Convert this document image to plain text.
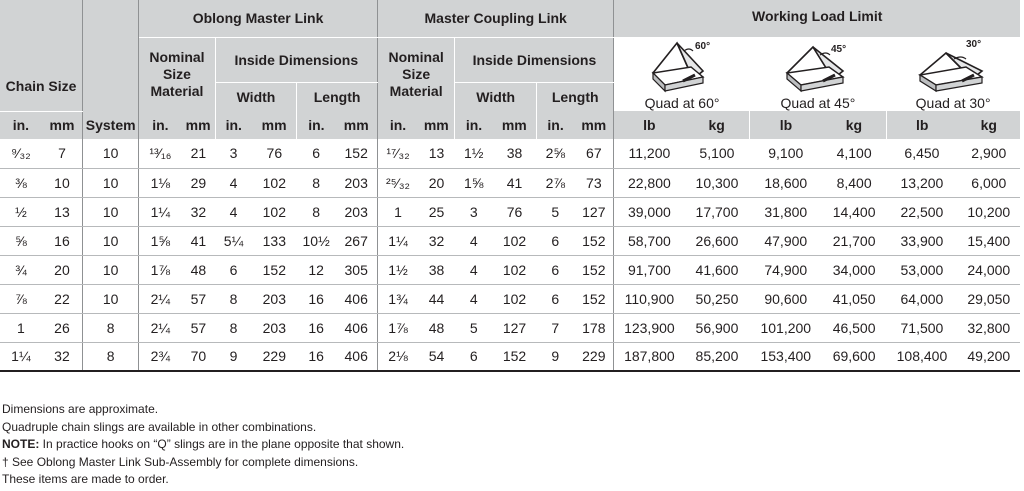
Chain Size		System	Oblong Master Link						Master Coupling Link						Working Load Limit					

60°
Quad at 60°		45°
Quad at 45°		30°
Quad at 30°	

			Nominal Size Material		Inside Dimensions				Nominal Size Material		Inside Dimensions									
					Width		Length				Width		Length							
in.	mm		in.	mm	in.	mm	in.	mm	in.	mm	in.	mm	in.	mm	lb	kg	lb	kg	lb	kg
⁹⁄₃₂	7	10	¹³⁄₁₆	21	3	76	6	152	¹⁷⁄₃₂	13	1½	38	2⅝	67	11,200	5,100	9,100	4,100	6,450	2,900
⅜	10	10	1⅛	29	4	102	8	203	²⁵⁄₃₂	20	1⅝	41	2⅞	73	22,800	10,300	18,600	8,400	13,200	6,000
½	13	10	1¼	32	4	102	8	203	1	25	3	76	5	127	39,000	17,700	31,800	14,400	22,500	10,200
⅝	16	10	1⅝	41	5¼	133	10½	267	1¼	32	4	102	6	152	58,700	26,600	47,900	21,700	33,900	15,400
¾	20	10	1⅞	48	6	152	12	305	1½	38	4	102	6	152	91,700	41,600	74,900	34,000	53,000	24,000
⅞	22	10	2¼	57	8	203	16	406	1¾	44	4	102	6	152	110,900	50,250	90,600	41,050	64,000	29,050
1	26	8	2¼	57	8	203	16	406	1⅞	48	5	127	7	178	123,900	56,900	101,200	46,500	71,500	32,800
1¼	32	8	2¾	70	9	229	16	406	2⅛	54	6	152	9	229	187,800	85,200	153,400	69,600	108,400	49,200
Dimensions are approximate.
Quadruple chain slings are available in other combinations.
NOTE: In practice hooks on “Q” slings are in the plane opposite that shown.
† See Oblong Master Link Sub-Assembly for complete dimensions.
These items are made to order.
